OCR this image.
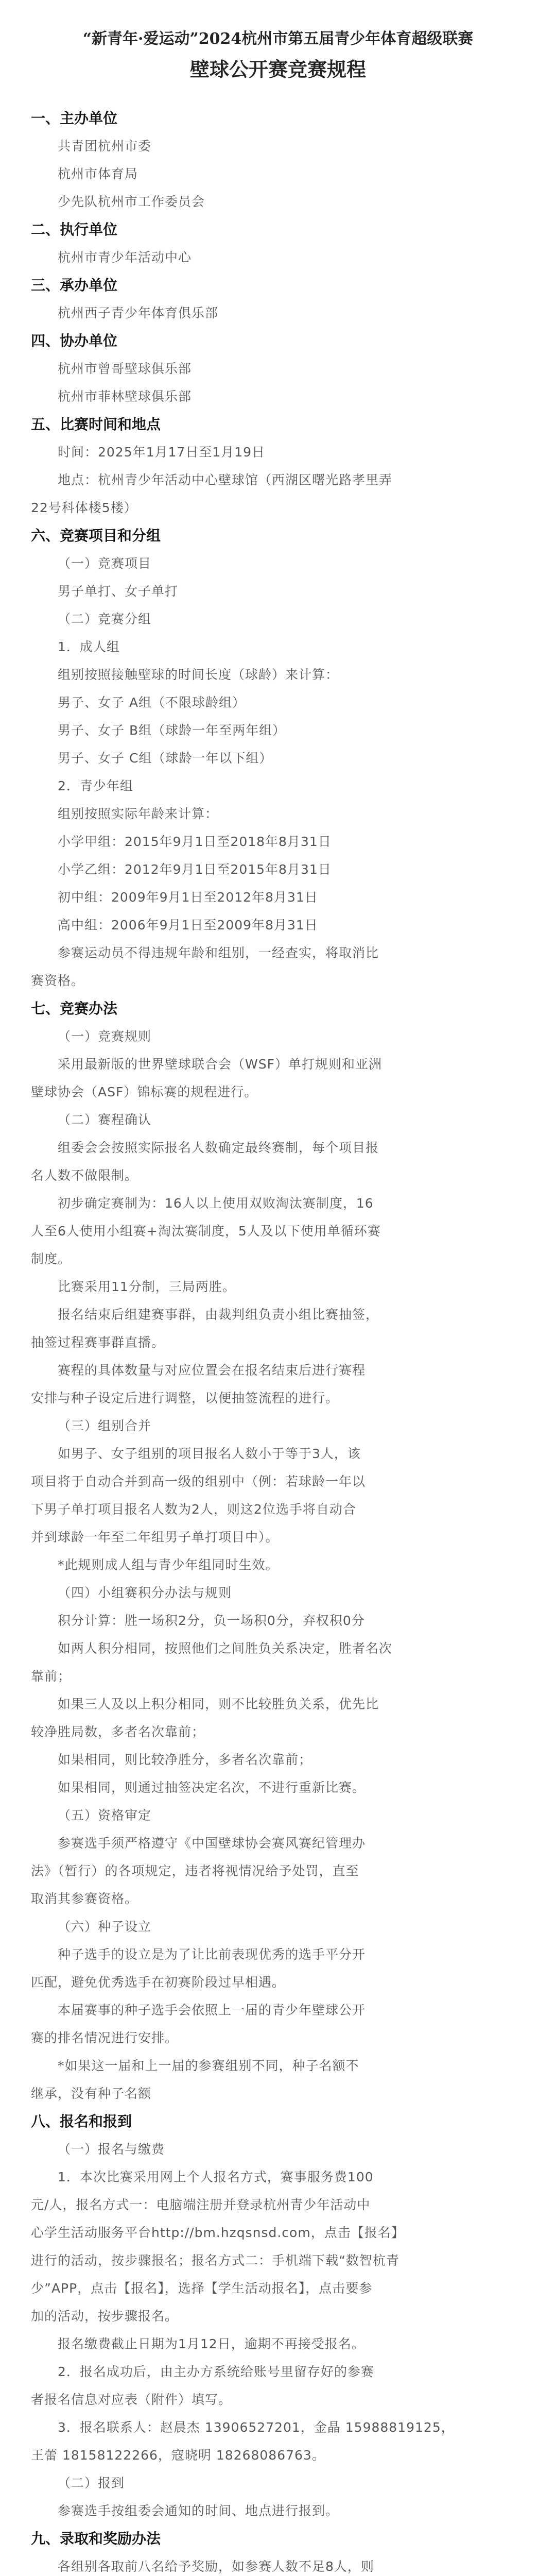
“新青年·爱运动”2024杭州市第五届青少年体育超级联赛
壁球公开赛竞赛规程

一、主办单位

共青团杭州市委

杭州市体育局

少先队杭州市工作委员会

二、执行单位

杭州市青少年活动中心

三、承办单位

杭州西子青少年体育俱乐部

四、协办单位

杭州市曾哥壁球俱乐部

杭州市菲林壁球俱乐部

五、比赛时间和地点

时间：2025年1月17日至1月19日

地点：杭州青少年活动中心壁球馆（西湖区曙光路孝里弄

22号科体楼5楼）

六、竞赛项目和分组

（一）竞赛项目

男子单打、女子单打

（二）竞赛分组

1．成人组

组别按照接触壁球的时间长度（球龄）来计算：

男子、女子 A组（不限球龄组）

男子、女子 B组（球龄一年至两年组）

男子、女子 C组（球龄一年以下组）

2．青少年组

组别按照实际年龄来计算：

小学甲组：2015年9月1日至2018年8月31日

小学乙组：2012年9月1日至2015年8月31日

初中组：2009年9月1日至2012年8月31日

高中组：2006年9月1日至2009年8月31日

参赛运动员不得违规年龄和组别，一经查实，将取消比

赛资格。

七、竞赛办法

（一）竞赛规则

采用最新版的世界壁球联合会（WSF）单打规则和亚洲

壁球协会（ASF）锦标赛的规程进行。

（二）赛程确认

组委会会按照实际报名人数确定最终赛制，每个项目报

名人数不做限制。

初步确定赛制为：16人以上使用双败淘汰赛制度，16

人至6人使用小组赛+淘汰赛制度，5人及以下使用单循环赛

制度。

比赛采用11分制，三局两胜。

报名结束后组建赛事群，由裁判组负责小组比赛抽签，

抽签过程赛事群直播。

赛程的具体数量与对应位置会在报名结束后进行赛程

安排与种子设定后进行调整，以便抽签流程的进行。

（三）组别合并

如男子、女子组别的项目报名人数小于等于3人，该

项目将于自动合并到高一级的组别中（例：若球龄一年以

下男子单打项目报名人数为2人，则这2位选手将自动合

并到球龄一年至二年组男子单打项目中）。

*此规则成人组与青少年组同时生效。

（四）小组赛积分办法与规则

积分计算：胜一场积2分，负一场积0分，弃权积0分

如两人积分相同，按照他们之间胜负关系决定，胜者名次

靠前；

如果三人及以上积分相同，则不比较胜负关系，优先比

较净胜局数，多者名次靠前；

如果相同，则比较净胜分，多者名次靠前；

如果相同，则通过抽签决定名次，不进行重新比赛。

（五）资格审定

参赛选手须严格遵守《中国壁球协会赛风赛纪管理办

法》（暂行）的各项规定，违者将视情况给予处罚，直至

取消其参赛资格。

（六）种子设立

种子选手的设立是为了让比前表现优秀的选手平分开

匹配，避免优秀选手在初赛阶段过早相遇。

本届赛事的种子选手会依照上一届的青少年壁球公开

赛的排名情况进行安排。

*如果这一届和上一届的参赛组别不同，种子名额不

继承，没有种子名额

八、报名和报到

（一）报名与缴费

1．本次比赛采用网上个人报名方式，赛事服务费100

元/人，报名方式一：电脑端注册并登录杭州青少年活动中

心学生活动服务平台http://bm.hzqsnsd.com，点击【报名】

进行的活动，按步骤报名；报名方式二：手机端下载“数智杭青

少”APP，点击【报名】，选择【学生活动报名】，点击要参

加的活动，按步骤报名。

报名缴费截止日期为1月12日，逾期不再接受报名。

2．报名成功后，由主办方系统给账号里留存好的参赛

者报名信息对应表（附件）填写。

3．报名联系人：赵晨杰 13906527201，金晶 15988819125，

王蕾 18158122266，寇晓明 18268086763。

（二）报到

参赛选手按组委会通知的时间、地点进行报到。

九、录取和奖励办法

各组别各取前八名给予奖励，如参赛人数不足8人，则
